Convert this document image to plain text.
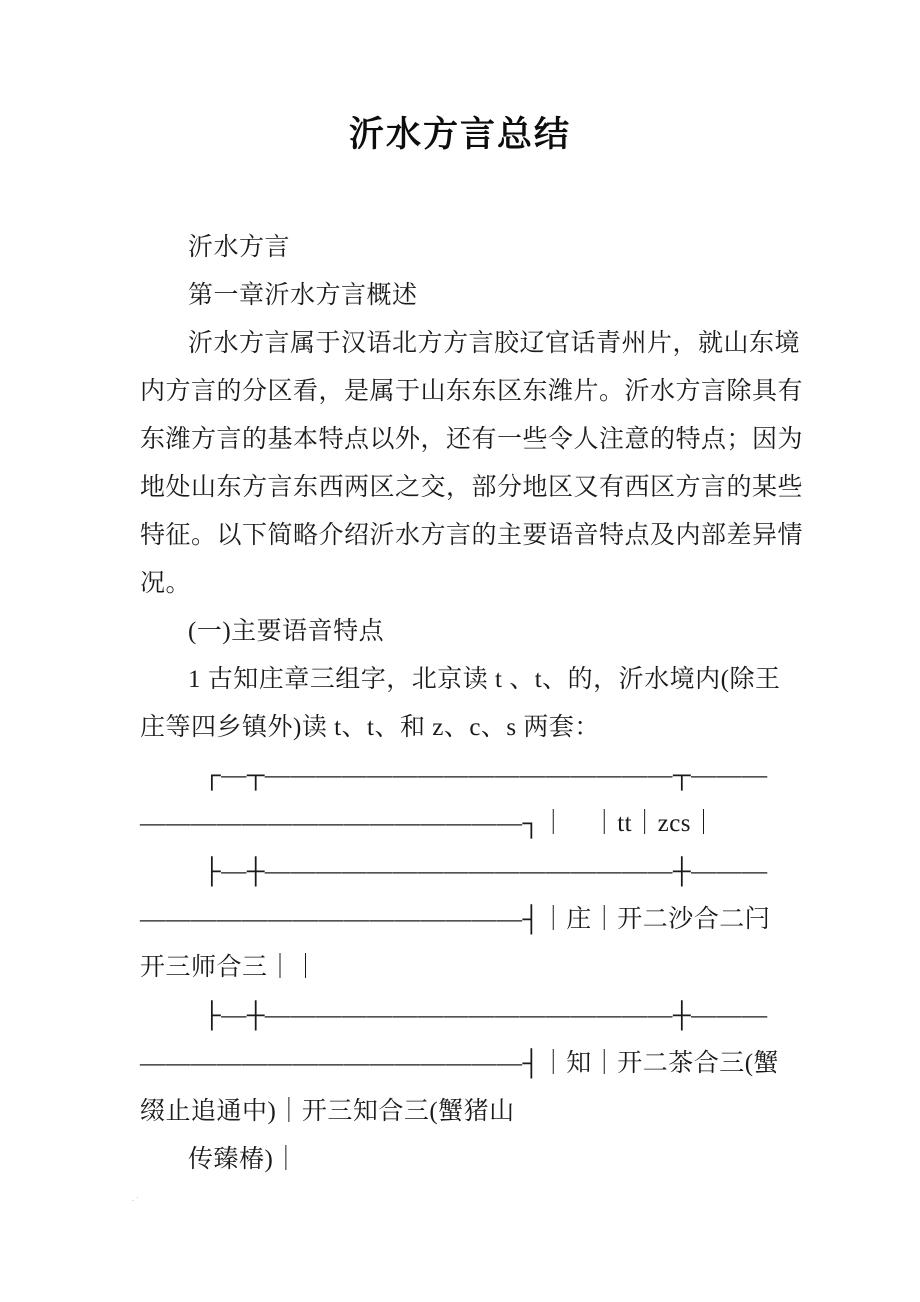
沂水方言总结
沂水方言
第一章沂水方言概述
沂水方言属于汉语北方方言胶辽官话青州片，就山东境
内方言的分区看，是属于山东东区东潍片。沂水方言除具有
东潍方言的基本特点以外，还有一些令人注意的特点；因为
地处山东方言东西两区之交，部分地区又有西区方言的某些
特征。以下简略介绍沂水方言的主要语音特点及内部差异情
况。
(一)主要语音特点
1 古知庄章三组字，北京读 t 、t、的，沂水境内(除王
庄等四乡镇外)读 t、t、和 z、c、s 两套：
┌—┬————————————————┬———
———————————————┐｜　｜tt｜zcs｜
├—┼————————————————┼———
———————————————┤｜庄｜开二沙合二闩
开三师合三｜｜
├—┼————————————————┼———
———————————————┤｜知｜开二茶合三(蟹
缀止追通中)｜开三知合三(蟹猪山
传臻椿)｜
·˙
